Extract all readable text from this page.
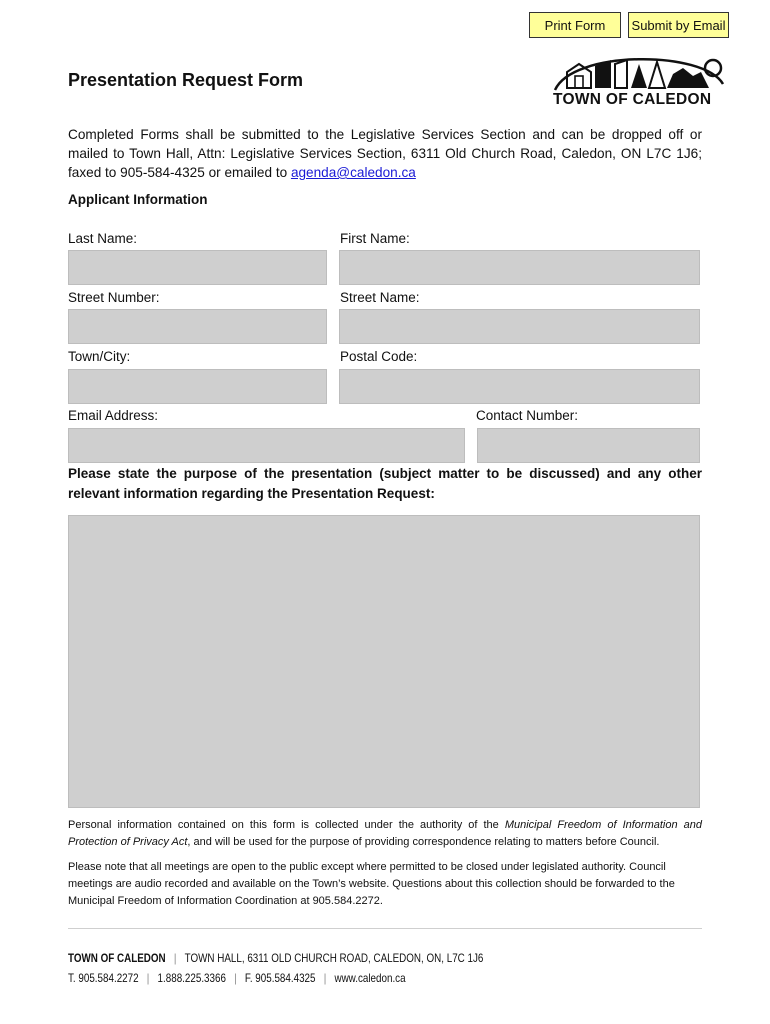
Print Form Submit by Email
Presentation Request Form
TOWN OF CALEDON
Completed Forms shall be submitted to the Legislative Services Section and can be dropped off or mailed to Town Hall, Attn: Legislative Services Section, 6311 Old Church Road, Caledon, ON L7C 1J6; faxed to 905-584-4325 or emailed to agenda@caledon.ca
Applicant Information
Last Name:	First Name:
Street Number:	Street Name:
Town/City:	Postal Code:
Email Address:	Contact Number:
Please state the purpose of the presentation (subject matter to be discussed) and any other relevant information regarding the Presentation Request:
Personal information contained on this form is collected under the authority of the Municipal Freedom of Information and Protection of Privacy Act, and will be used for the purpose of providing correspondence relating to matters before Council.
Please note that all meetings are open to the public except where permitted to be closed under legislated authority. Council meetings are audio recorded and available on the Town’s website. Questions about this collection should be forwarded to the Municipal Freedom of Information Coordination at 905.584.2272.
TOWN OF CALEDON | TOWN HALL, 6311 OLD CHURCH ROAD, CALEDON, ON, L7C 1J6
T. 905.584.2272 | 1.888.225.3366 | F. 905.584.4325 | www.caledon.ca
